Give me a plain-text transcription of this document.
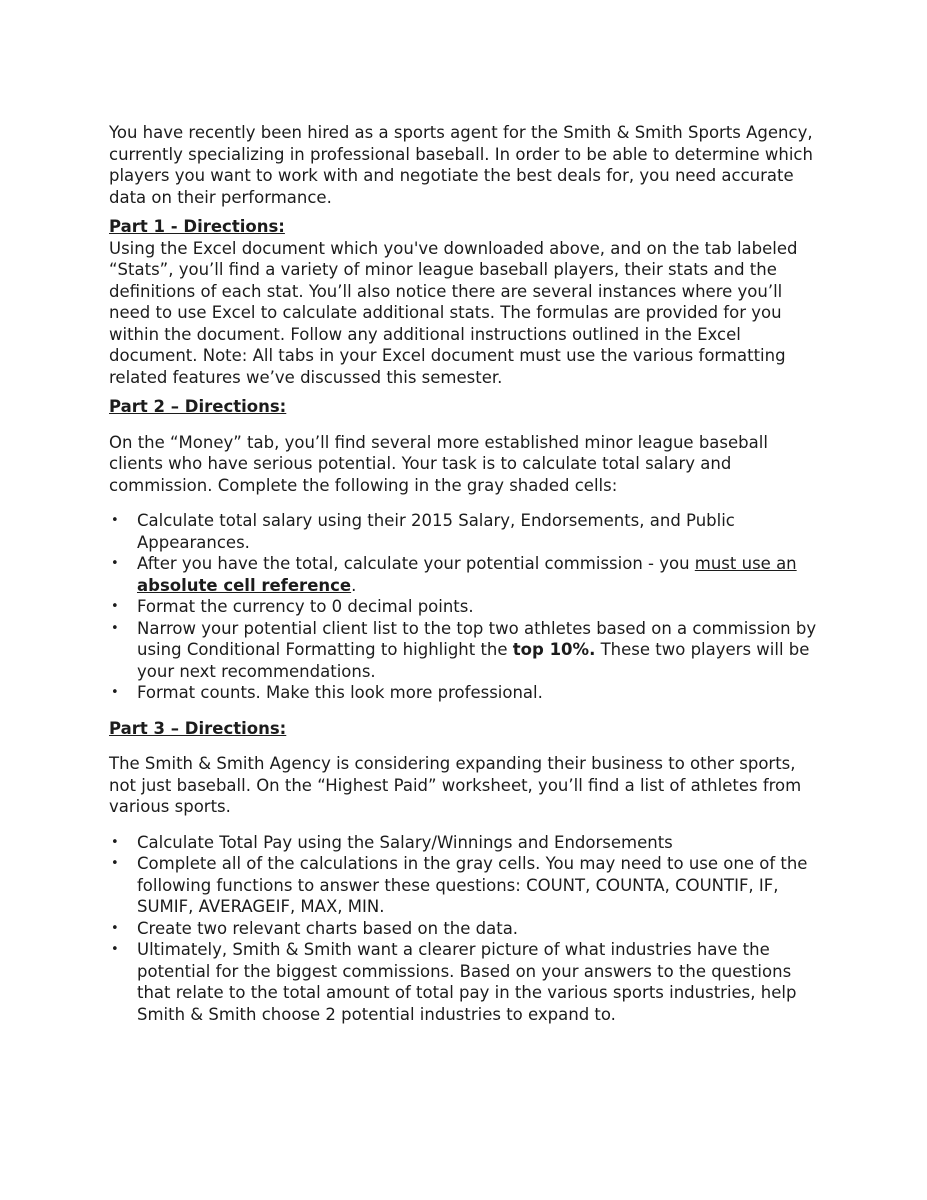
You have recently been hired as a sports agent for the Smith & Smith Sports Agency, currently specializing in professional baseball. In order to be able to determine which players you want to work with and negotiate the best deals for, you need accurate data on their performance.

Part 1 - Directions:

Using the Excel document which you've downloaded above, and on the tab labeled “Stats”, you’ll find a variety of minor league baseball players, their stats and the definitions of each stat. You’ll also notice there are several instances where you’ll need to use Excel to calculate additional stats. The formulas are provided for you within the document. Follow any additional instructions outlined in the Excel document. Note: All tabs in your Excel document must use the various formatting related features we’ve discussed this semester.

Part 2 – Directions:

On the “Money” tab, you’ll find several more established minor league baseball clients who have serious potential. Your task is to calculate total salary and commission. Complete the following in the gray shaded cells:

• Calculate total salary using their 2015 Salary, Endorsements, and Public Appearances.
• After you have the total, calculate your potential commission - you must use an absolute cell reference.
• Format the currency to 0 decimal points.
• Narrow your potential client list to the top two athletes based on a commission by using Conditional Formatting to highlight the top 10%. These two players will be your next recommendations.
• Format counts. Make this look more professional.

Part 3 – Directions:

The Smith & Smith Agency is considering expanding their business to other sports, not just baseball. On the “Highest Paid” worksheet, you’ll find a list of athletes from various sports.

• Calculate Total Pay using the Salary/Winnings and Endorsements
• Complete all of the calculations in the gray cells. You may need to use one of the following functions to answer these questions: COUNT, COUNTA, COUNTIF, IF, SUMIF, AVERAGEIF, MAX, MIN.
• Create two relevant charts based on the data.
• Ultimately, Smith & Smith want a clearer picture of what industries have the potential for the biggest commissions. Based on your answers to the questions that relate to the total amount of total pay in the various sports industries, help Smith & Smith choose 2 potential industries to expand to.
